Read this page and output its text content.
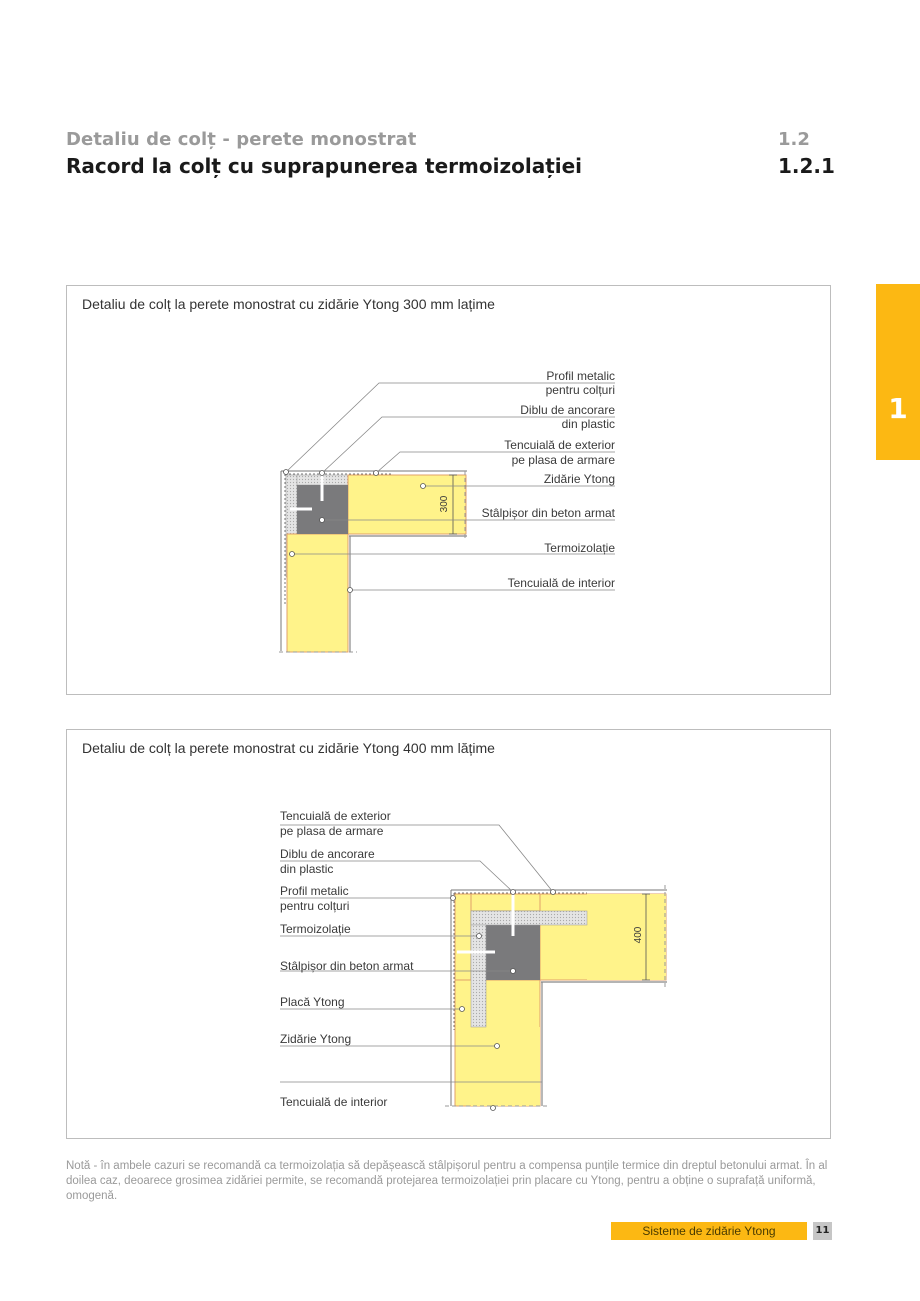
Detaliu de colț - perete monostrat
Racord la colț cu suprapunerea termoizolației
1.2
1.2.1
1
Detaliu de colț la perete monostrat cu zidărie Ytong 300 mm lațime
300
Profil metalic
pentru colțuri
Diblu de ancorare
din plastic
Tencuială de exterior
pe plasa de armare
Zidărie Ytong
Stâlpișor din beton armat
Termoizolație
Tencuială de interior
Detaliu de colț la perete monostrat cu zidărie Ytong 400 mm lățime
400
Tencuială de exterior
pe plasa de armare
Diblu de ancorare
din plastic
Profil metalic
pentru colțuri
Termoizolație
Stâlpișor din beton armat
Placă Ytong
Zidărie Ytong
Tencuială de interior
Notă - în ambele cazuri se recomandă ca termoizolația să depășească stâlpișorul pentru a compensa punțile termice din dreptul betonului armat. În al doilea caz, deoarece grosimea zidăriei permite, se recomandă protejarea termoizolației prin placare cu Ytong, pentru a obține o suprafață uniformă, omogenă.
Sisteme de zidărie Ytong	11
